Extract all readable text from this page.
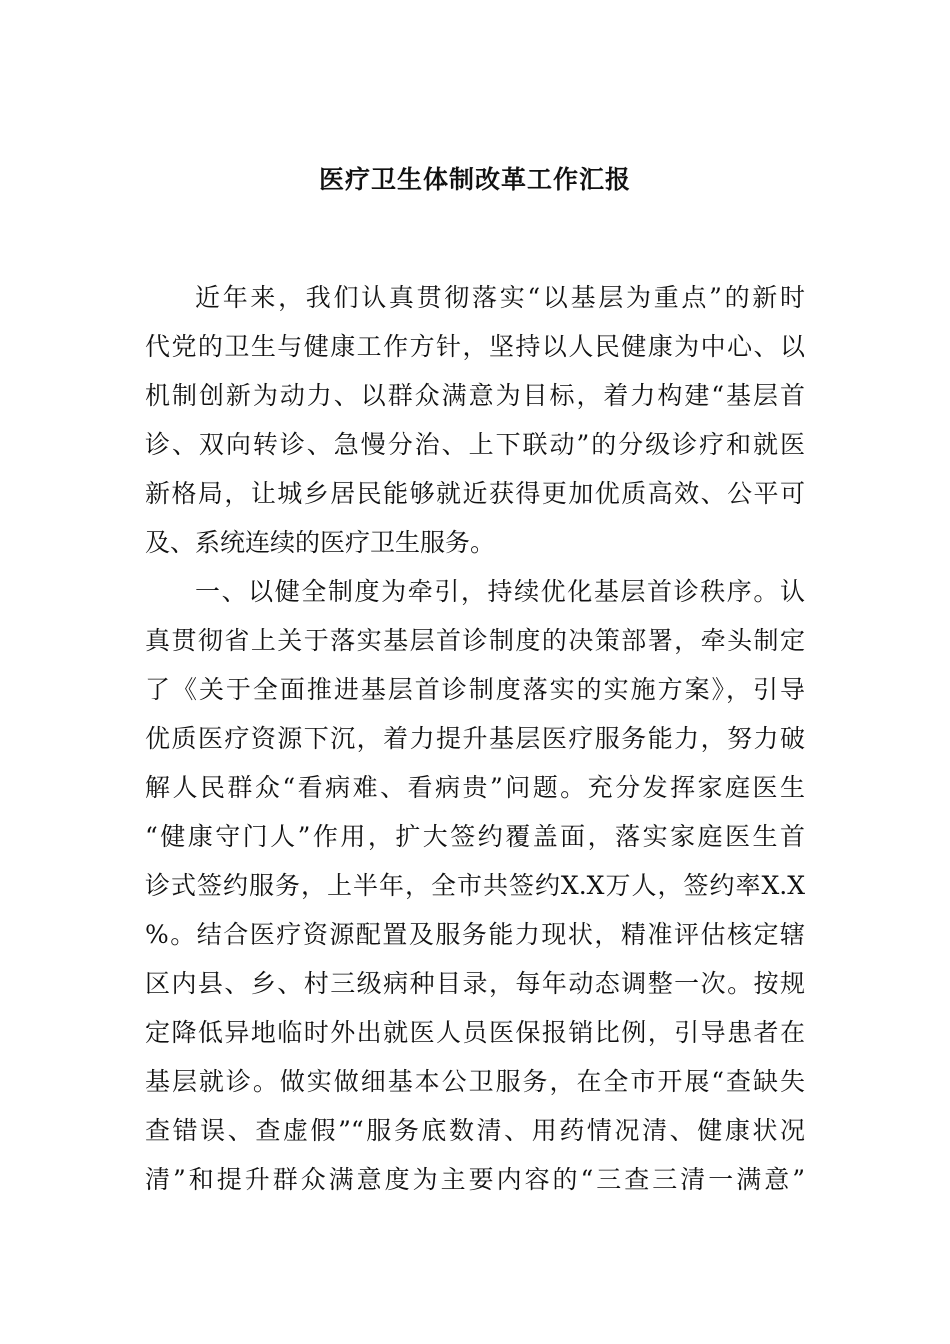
医疗卫生体制改革工作汇报
近年来，我们认真贯彻落实“以基层为重点”的新时
代党的卫生与健康工作方针，坚持以人民健康为中心、以
机制创新为动力、以群众满意为目标，着力构建“基层首
诊、双向转诊、急慢分治、上下联动”的分级诊疗和就医
新格局，让城乡居民能够就近获得更加优质高效、公平可
及、系统连续的医疗卫生服务。
一、以健全制度为牵引，持续优化基层首诊秩序。认
真贯彻省上关于落实基层首诊制度的决策部署，牵头制定
了《关于全面推进基层首诊制度落实的实施方案》，引导
优质医疗资源下沉，着力提升基层医疗服务能力，努力破
解人民群众“看病难、看病贵”问题。充分发挥家庭医生
“健康守门人”作用，扩大签约覆盖面，落实家庭医生首
诊式签约服务，上半年，全市共签约X.X万人，签约率X.X
%。结合医疗资源配置及服务能力现状，精准评估核定辖
区内县、乡、村三级病种目录，每年动态调整一次。按规
定降低异地临时外出就医人员医保报销比例，引导患者在
基层就诊。做实做细基本公卫服务，在全市开展“查缺失
查错误、查虚假”“服务底数清、用药情况清、健康状况
清”和提升群众满意度为主要内容的“三查三清一满意”
